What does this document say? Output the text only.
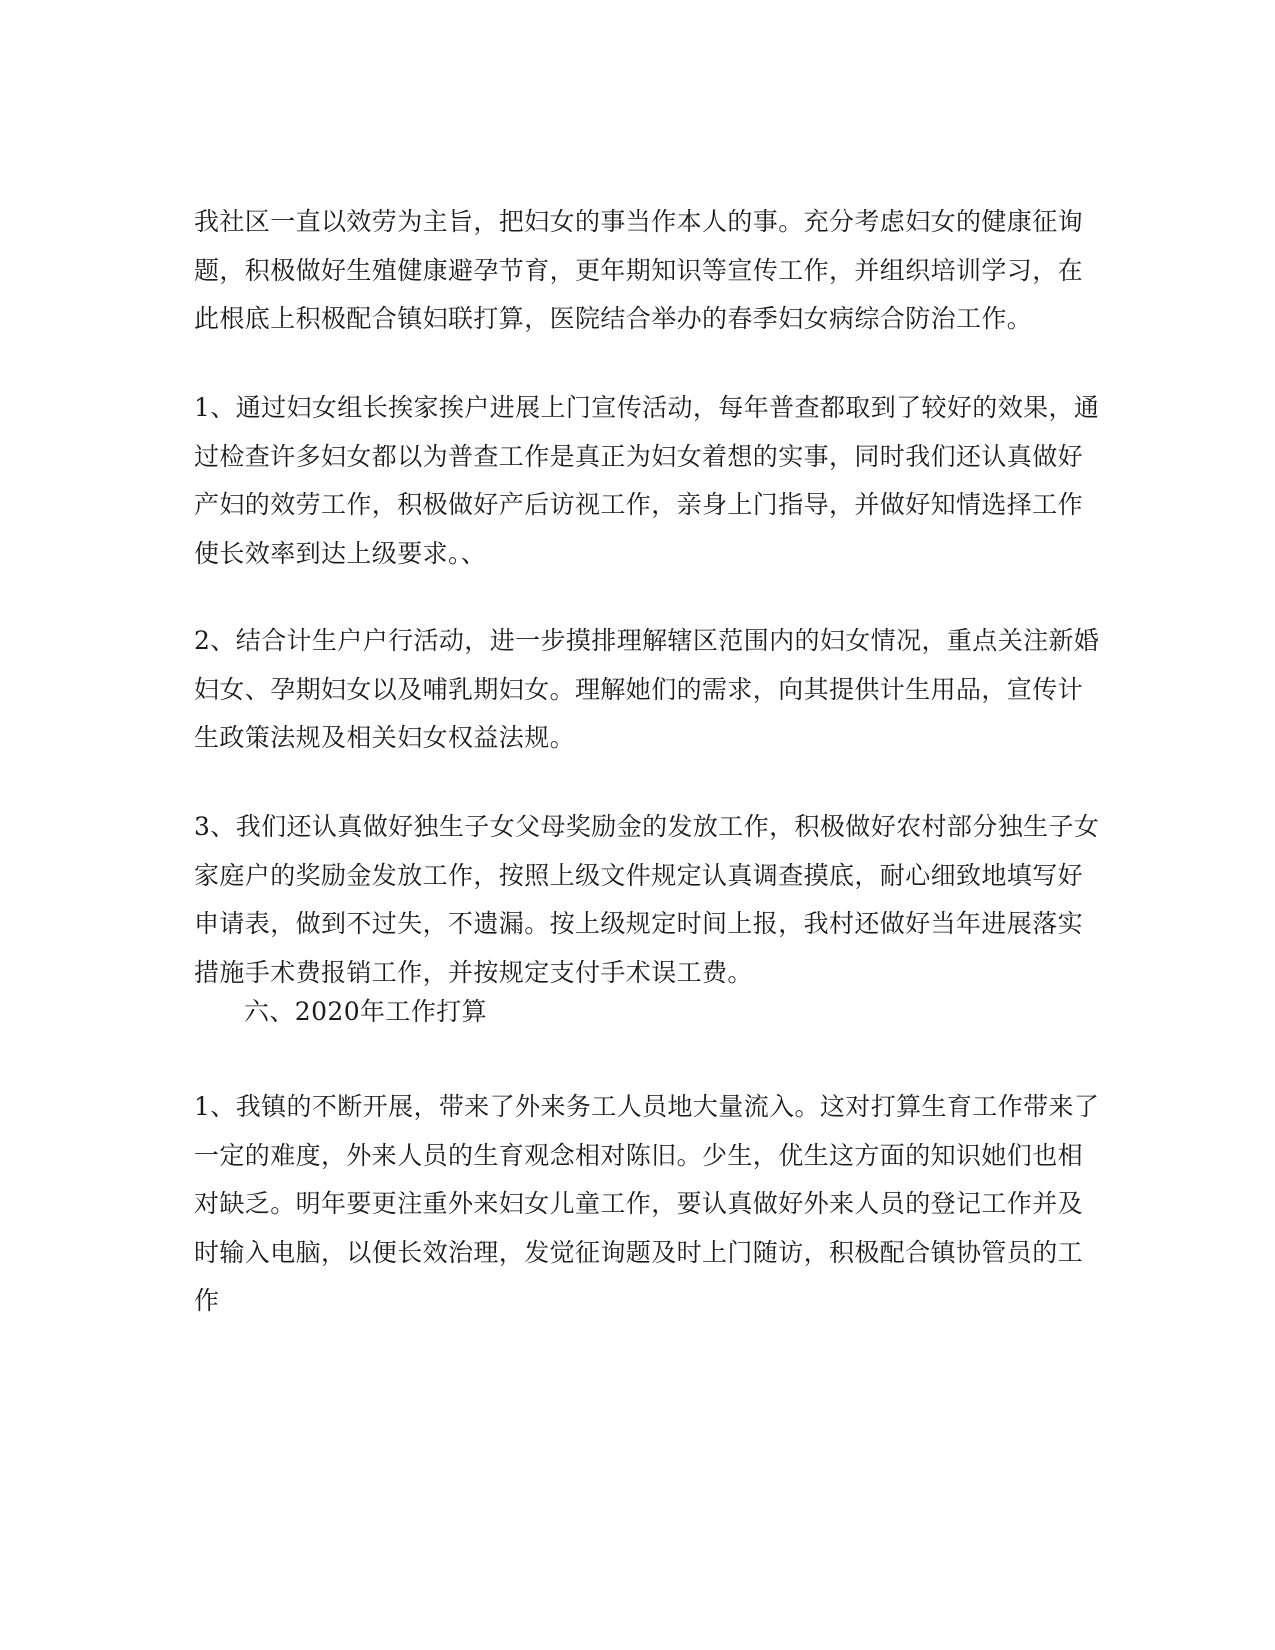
我社区一直以效劳为主旨，把妇女的事当作本人的事。充分考虑妇女的健康征询
题，积极做好生殖健康避孕节育，更年期知识等宣传工作，并组织培训学习，在
此根底上积极配合镇妇联打算，医院结合举办的春季妇女病综合防治工作。

1、通过妇女组长挨家挨户进展上门宣传活动，每年普查都取到了较好的效果，通
过检查许多妇女都以为普查工作是真正为妇女着想的实事，同时我们还认真做好
产妇的效劳工作，积极做好产后访视工作，亲身上门指导，并做好知情选择工作
使长效率到达上级要求。、

2、结合计生户户行活动，进一步摸排理解辖区范围内的妇女情况，重点关注新婚
妇女、孕期妇女以及哺乳期妇女。理解她们的需求，向其提供计生用品，宣传计
生政策法规及相关妇女权益法规。

3、我们还认真做好独生子女父母奖励金的发放工作，积极做好农村部分独生子女
家庭户的奖励金发放工作，按照上级文件规定认真调查摸底，耐心细致地填写好
申请表，做到不过失，不遗漏。按上级规定时间上报，我村还做好当年进展落实
措施手术费报销工作，并按规定支付手术误工费。

六、2020年工作打算

1、我镇的不断开展，带来了外来务工人员地大量流入。这对打算生育工作带来了
一定的难度，外来人员的生育观念相对陈旧。少生，优生这方面的知识她们也相
对缺乏。明年要更注重外来妇女儿童工作，要认真做好外来人员的登记工作并及
时输入电脑，以便长效治理，发觉征询题及时上门随访，积极配合镇协管员的工
作
